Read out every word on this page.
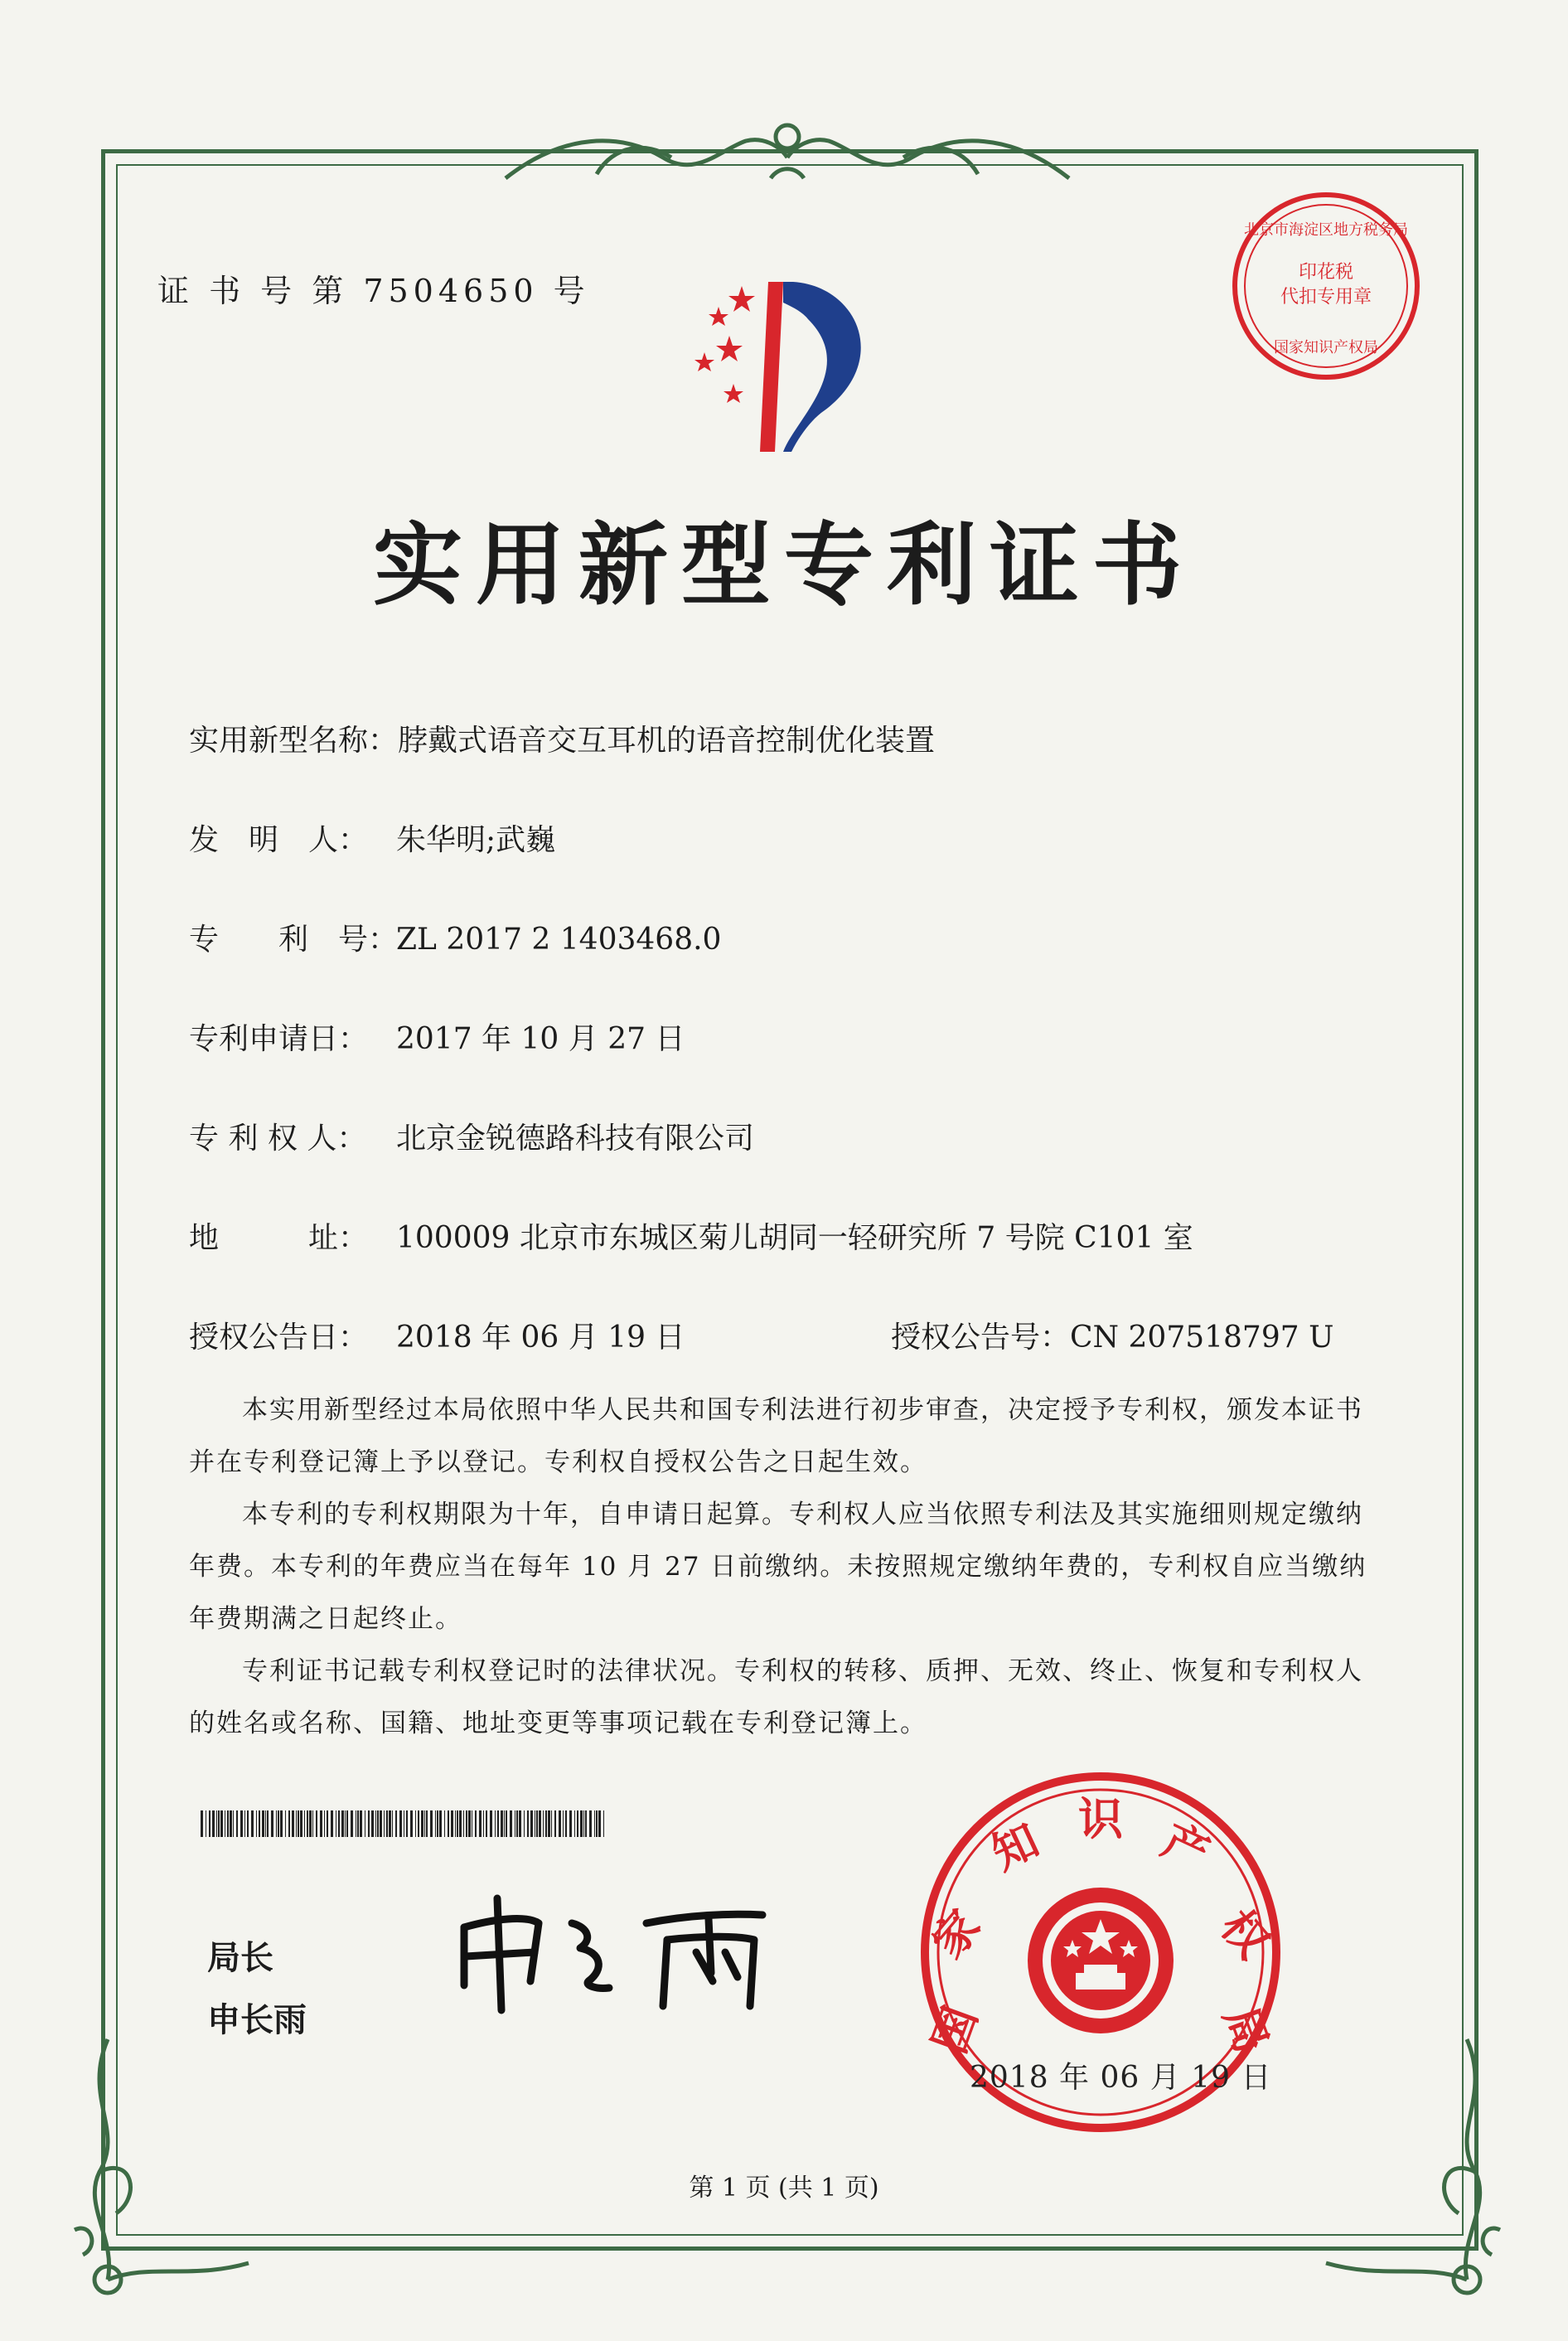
证 书 号 第 7504650 号
印花税
代扣专用章
北京市海淀区地方税务局
国家知识产权局
实用新型专利证书
实用新型名称：脖戴式语音交互耳机的语音控制优化装置
发　明　人： 朱华明;武巍
专　　利　号：ZL 2017 2 1403468.0
专利申请日： 2017 年 10 月 27 日
专 利 权 人： 北京金锐德路科技有限公司
地　　　址： 100009 北京市东城区菊儿胡同一轻研究所 7 号院 C101 室
授权公告日： 2018 年 06 月 19 日	授权公告号：CN 207518797 U
本实用新型经过本局依照中华人民共和国专利法进行初步审查，决定授予专利权，颁发本证书并在专利登记簿上予以登记。专利权自授权公告之日起生效。
本专利的专利权期限为十年，自申请日起算。专利权人应当依照专利法及其实施细则规定缴纳年费。本专利的年费应当在每年 10 月 27 日前缴纳。未按照规定缴纳年费的，专利权自应当缴纳年费期满之日起终止。
专利证书记载专利权登记时的法律状况。专利权的转移、质押、无效、终止、恢复和专利权人的姓名或名称、国籍、地址变更等事项记载在专利登记簿上。
局长
申长雨	国
家
知 识 产
权
局
2018 年 06 月 19 日
第 1 页 (共 1 页)
